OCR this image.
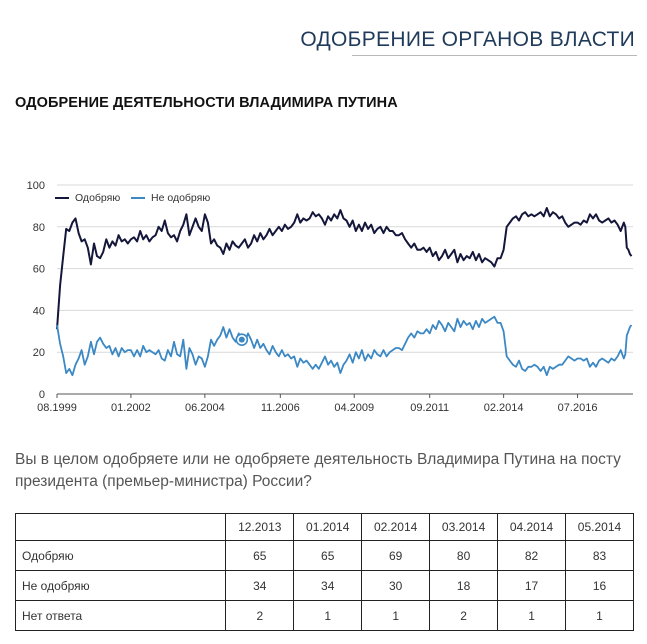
ОДОБРЕНИЕ ОРГАНОВ ВЛАСТИ
ОДОБРЕНИЕ ДЕЯТЕЛЬНОСТИ ВЛАДИМИРА ПУТИНА
0
20
40
60
80
100
08.1999	01.2002	06.2004	11.2006	04.2009	09.2011	02.2014	07.2016
Одобряю	Не одобряю
Вы в целом одобряете или не одобряете деятельность Владимира Путина на посту президента (премьер-министра) России?
	12.2013	01.2014	02.2014	03.2014	04.2014	05.2014
Одобряю	65	65	69	80	82	83
Не одобряю	34	34	30	18	17	16
Нет ответа	2	1	1	2	1	1
